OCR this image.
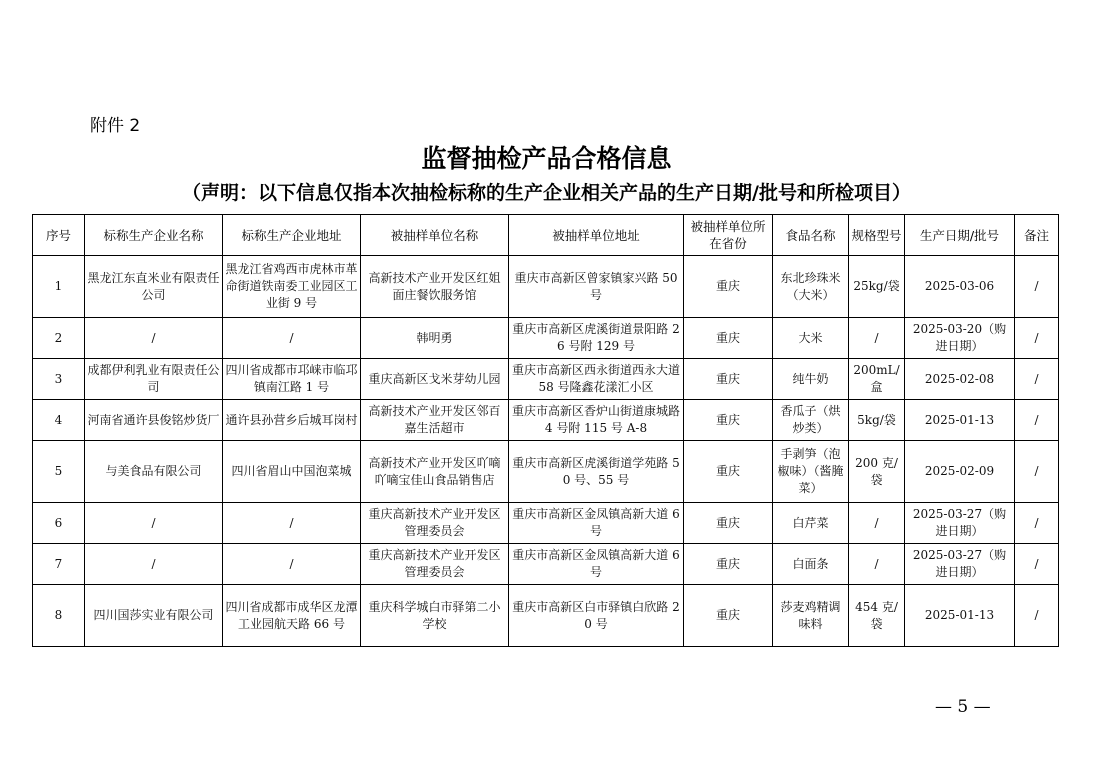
附件 2
监督抽检产品合格信息
（声明：以下信息仅指本次抽检标称的生产企业相关产品的生产日期/批号和所检项目）
序号	标称生产企业名称	标称生产企业地址	被抽样单位名称	被抽样单位地址	被抽样单位所在省份	食品名称	规格型号	生产日期/批号	备注
1	黑龙江东直米业有限责任公司	黑龙江省鸡西市虎林市革命街道铁南委工业园区工业街 9 号	高新技术产业开发区红姐面庄餐饮服务馆	重庆市高新区曾家镇家兴路 50 号	重庆	东北珍珠米（大米）	25kg/袋	2025-03-06	/
2	/	/	韩明勇	重庆市高新区虎溪街道景阳路 26 号附 129 号	重庆	大米	/	2025-03-20（购进日期）	/
3	成都伊利乳业有限责任公司	四川省成都市邛崃市临邛镇南江路 1 号	重庆高新区戈米芽幼儿园	重庆市高新区西永街道西永大道 58 号隆鑫花漾汇小区	重庆	纯牛奶	200mL/盒	2025-02-08	/
4	河南省通许县俊铭炒货厂	通许县孙营乡后城耳岗村	高新技术产业开发区邻百嘉生活超市	重庆市高新区香炉山街道康城路 4 号附 115 号 A-8	重庆	香瓜子（烘炒类）	5kg/袋	2025-01-13	/
5	与美食品有限公司	四川省眉山中国泡菜城	高新技术产业开发区吖嘀吖嘀宝佳山食品销售店	重庆市高新区虎溪街道学苑路 50 号、55 号	重庆	手剥笋（泡椒味）（酱腌菜）	200 克/袋	2025-02-09	/
6	/	/	重庆高新技术产业开发区管理委员会	重庆市高新区金凤镇高新大道 6 号	重庆	白芹菜	/	2025-03-27（购进日期）	/
7	/	/	重庆高新技术产业开发区管理委员会	重庆市高新区金凤镇高新大道 6 号	重庆	白面条	/	2025-03-27（购进日期）	/
8	四川国莎实业有限公司	四川省成都市成华区龙潭工业园航天路 66 号	重庆科学城白市驿第二小学校	重庆市高新区白市驿镇白欣路 20 号	重庆	莎麦鸡精调味料	454 克/袋	2025-01-13	/
— 5 —
